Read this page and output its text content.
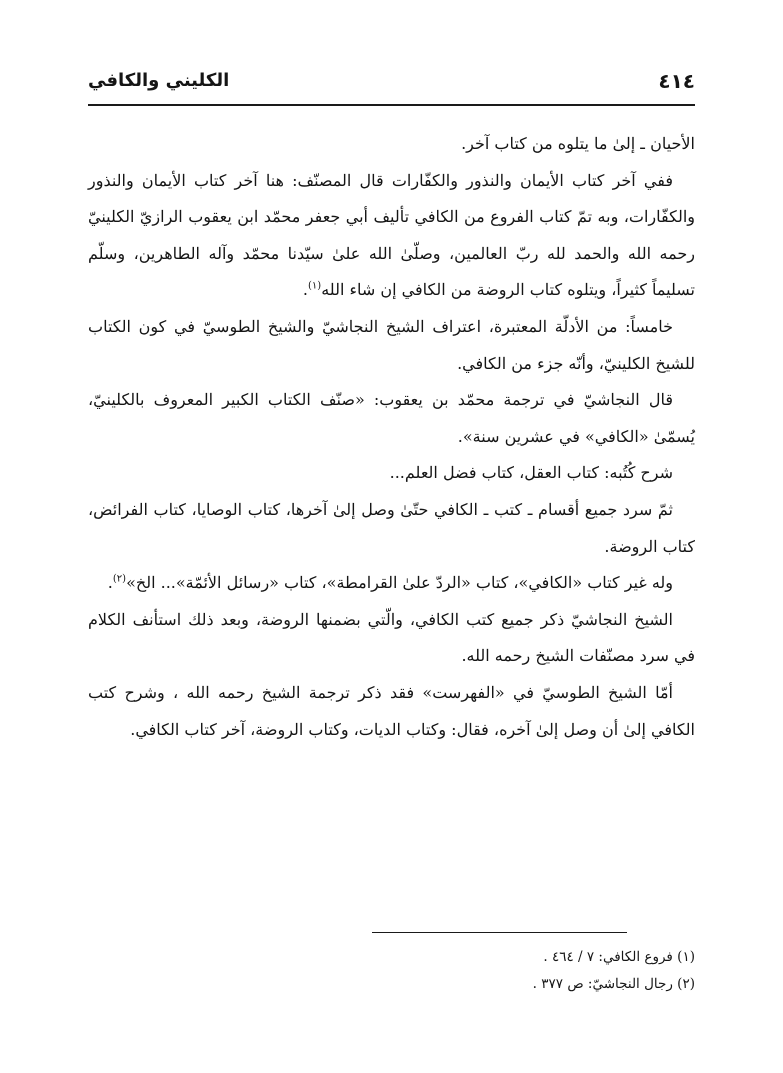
٤١٤
الكليني والكافي

الأحيان ـ إلىٰ ما يتلوه من كتاب آخر.

ففي آخر كتاب الأيمان والنذور والكفّارات قال المصنّف: هنا آخر كتاب الأيمان والنذور والكفّارات، وبه تمّ كتاب الفروع من الكافي تأليف أبي جعفر محمّد ابن يعقوب الرازيّ الكلينيّ رحمه الله والحمد لله ربّ العالمين، وصلّىٰ الله علىٰ سيّدنا محمّد وآله الطاهرين، وسلّم تسليماً كثيراً، ويتلوه كتاب الروضة من الكافي إن شاء الله$^{(١)}$.

خامساً: من الأدلّة المعتبرة، اعتراف الشيخ النجاشيّ والشيخ الطوسيّ في كون الكتاب للشيخ الكلينيّ، وأنّه جزء من الكافي.

قال النجاشيّ في ترجمة محمّد بن يعقوب: «صنّف الكتاب الكبير المعروف بالكلينيّ، يُسمّىٰ «الكافي» في عشرين سنة».

شرح كُتُبه: كتاب العقل، كتاب فضل العلم...

ثمّ سرد جميع أقسام ـ كتب ـ الكافي حتّىٰ وصل إلىٰ آخرها، كتاب الوصايا، كتاب الفرائض، كتاب الروضة.

وله غير كتاب «الكافي»، كتاب «الردّ علىٰ القرامطة»، كتاب «رسائل الأئمّة»... الخ»$^{(٢)}$.

الشيخ النجاشيّ ذكر جميع كتب الكافي، والّتي بضمنها الروضة، وبعد ذلك استأنف الكلام في سرد مصنّفات الشيخ رحمه الله.

أمّا الشيخ الطوسيّ في «الفهرست» فقد ذكر ترجمة الشيخ رحمه الله ، وشرح كتب الكافي إلىٰ أن وصل إلىٰ آخره، فقال: وكتاب الديات، وكتاب الروضة، آخر كتاب الكافي.

(١) فروع الكافي: ٧ / ٤٦٤ .

(٢) رجال النجاشيّ: ص ٣٧٧ .
